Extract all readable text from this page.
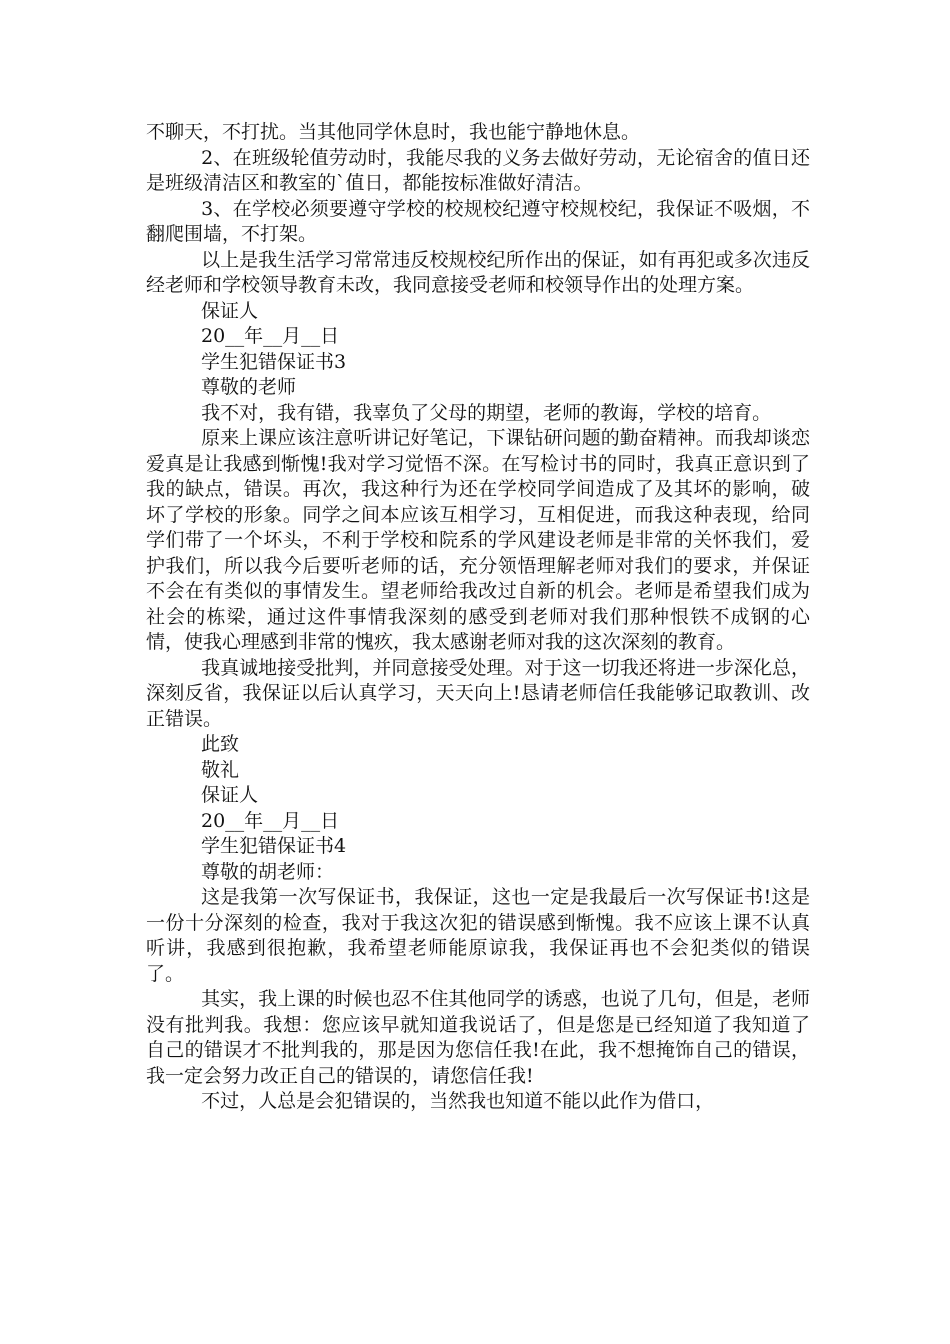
不聊天，不打扰。当其他同学休息时，我也能宁静地休息。

2、在班级轮值劳动时，我能尽我的义务去做好劳动，无论宿舍的值日还是班级清洁区和教室的`值日，都能按标准做好清洁。

3、在学校必须要遵守学校的校规校纪遵守校规校纪，我保证不吸烟，不翻爬围墙，不打架。

以上是我生活学习常常违反校规校纪所作出的保证，如有再犯或多次违反经老师和学校领导教育未改，我同意接受老师和校领导作出的处理方案。

保证人

20__年__月__日

学生犯错保证书3

尊敬的老师

我不对，我有错，我辜负了父母的期望，老师的教诲，学校的培育。

原来上课应该注意听讲记好笔记，下课钻研问题的勤奋精神。而我却谈恋爱真是让我感到惭愧!我对学习觉悟不深。在写检讨书的同时，我真正意识到了我的缺点，错误。再次，我这种行为还在学校同学间造成了及其坏的影响，破坏了学校的形象。同学之间本应该互相学习，互相促进，而我这种表现，给同学们带了一个坏头，不利于学校和院系的学风建设老师是非常的关怀我们，爱护我们，所以我今后要听老师的话，充分领悟理解老师对我们的要求，并保证不会在有类似的事情发生。望老师给我改过自新的机会。老师是希望我们成为社会的栋梁，通过这件事情我深刻的感受到老师对我们那种恨铁不成钢的心情，使我心理感到非常的愧疚，我太感谢老师对我的这次深刻的教育。

我真诚地接受批判，并同意接受处理。对于这一切我还将进一步深化总，深刻反省，我保证以后认真学习，天天向上!恳请老师信任我能够记取教训、改正错误。

此致

敬礼

保证人

20__年__月__日

学生犯错保证书4

尊敬的胡老师：

这是我第一次写保证书，我保证，这也一定是我最后一次写保证书!这是一份十分深刻的检查，我对于我这次犯的错误感到惭愧。我不应该上课不认真听讲，我感到很抱歉，我希望老师能原谅我，我保证再也不会犯类似的错误了。

其实，我上课的时候也忍不住其他同学的诱惑，也说了几句，但是，老师没有批判我。我想：您应该早就知道我说话了，但是您是已经知道了我知道了自己的错误才不批判我的，那是因为您信任我!在此，我不想掩饰自己的错误，我一定会努力改正自己的错误的，请您信任我!

不过，人总是会犯错误的，当然我也知道不能以此作为借口，
